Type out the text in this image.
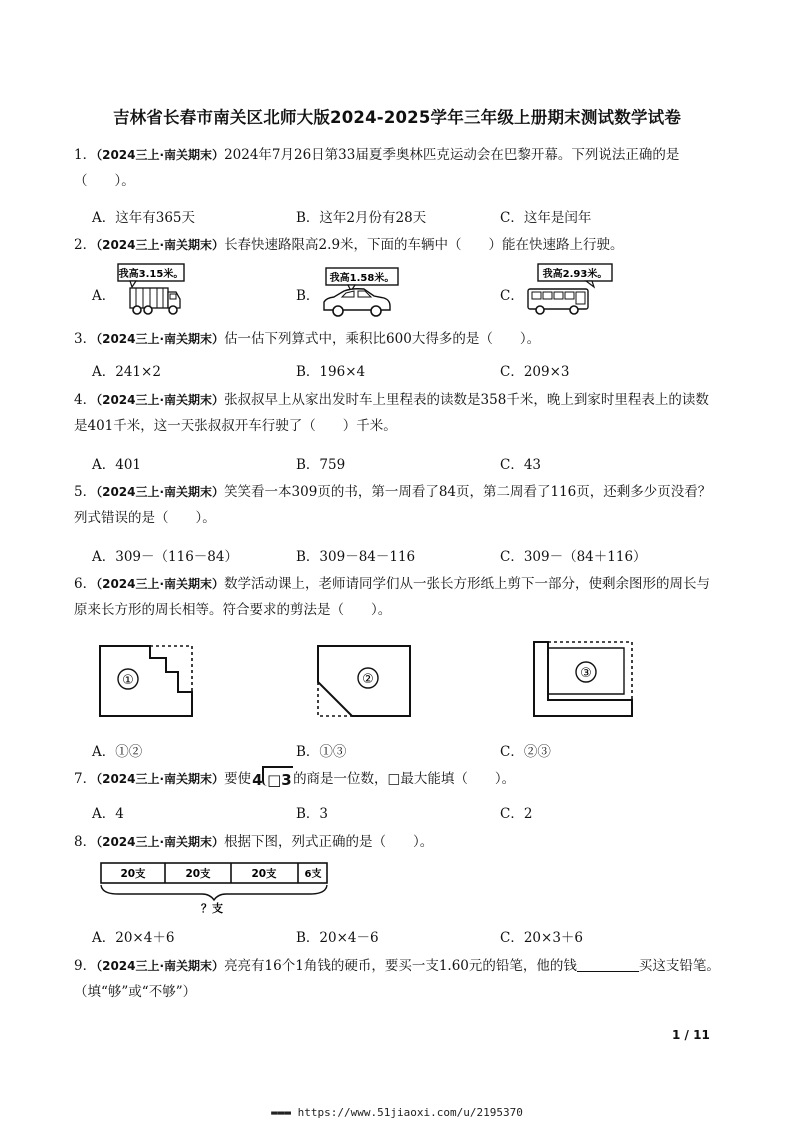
吉林省长春市南关区北师大版2024-2025学年三年级上册期末测试数学试卷
1．（2024三上·南关期末）2024年7月26日第33届夏季奥林匹克运动会在巴黎开幕。下列说法正确的是（　　）。
A．这年有365天	B．这年2月份有28天	C．这年是闰年
2．（2024三上·南关期末）长春快速路限高2.9米，下面的车辆中（　　）能在快速路上行驶。
A．	B．	C．
我高3.15米。	我高1.58米。	我高2.93米。
3．（2024三上·南关期末）估一估下列算式中，乘积比600大得多的是（　　）。
A．241×2	B．196×4	C．209×3
4．（2024三上·南关期末）张叔叔早上从家出发时车上里程表的读数是358千米，晚上到家时里程表上的读数是401千米，这一天张叔叔开车行驶了（　　）千米。
A．401	B．759	C．43
5．（2024三上·南关期末）笑笑看一本309页的书，第一周看了84页，第二周看了116页，还剩多少页没看？列式错误的是（　　）。
A．309－（116－84）	B．309－84－116	C．309－（84＋116）
6．（2024三上·南关期末）数学活动课上，老师请同学们从一张长方形纸上剪下一部分，使剩余图形的周长与原来长方形的周长相等。符合要求的剪法是（　　）。
①	②	③
A．①②	B．①③	C．②③
7．（2024三上·南关期末）要使 4 □3 的商是一位数，□最大能填（　　）。
A．4	B．3	C．2
8．（2024三上·南关期末）根据下图，列式正确的是（　　）。
20支	20支	20支	6支
？支
A．20×4＋6	B．20×4－6	C．20×3＋6
9．（2024三上·南关期末）亮亮有16个1角钱的硬币，要买一支1.60元的铅笔，他的钱	买这支铅笔。（填“够”或“不够”）
1 / 11
▬▬▬ https://www.51jiaoxi.com/u/2195370
